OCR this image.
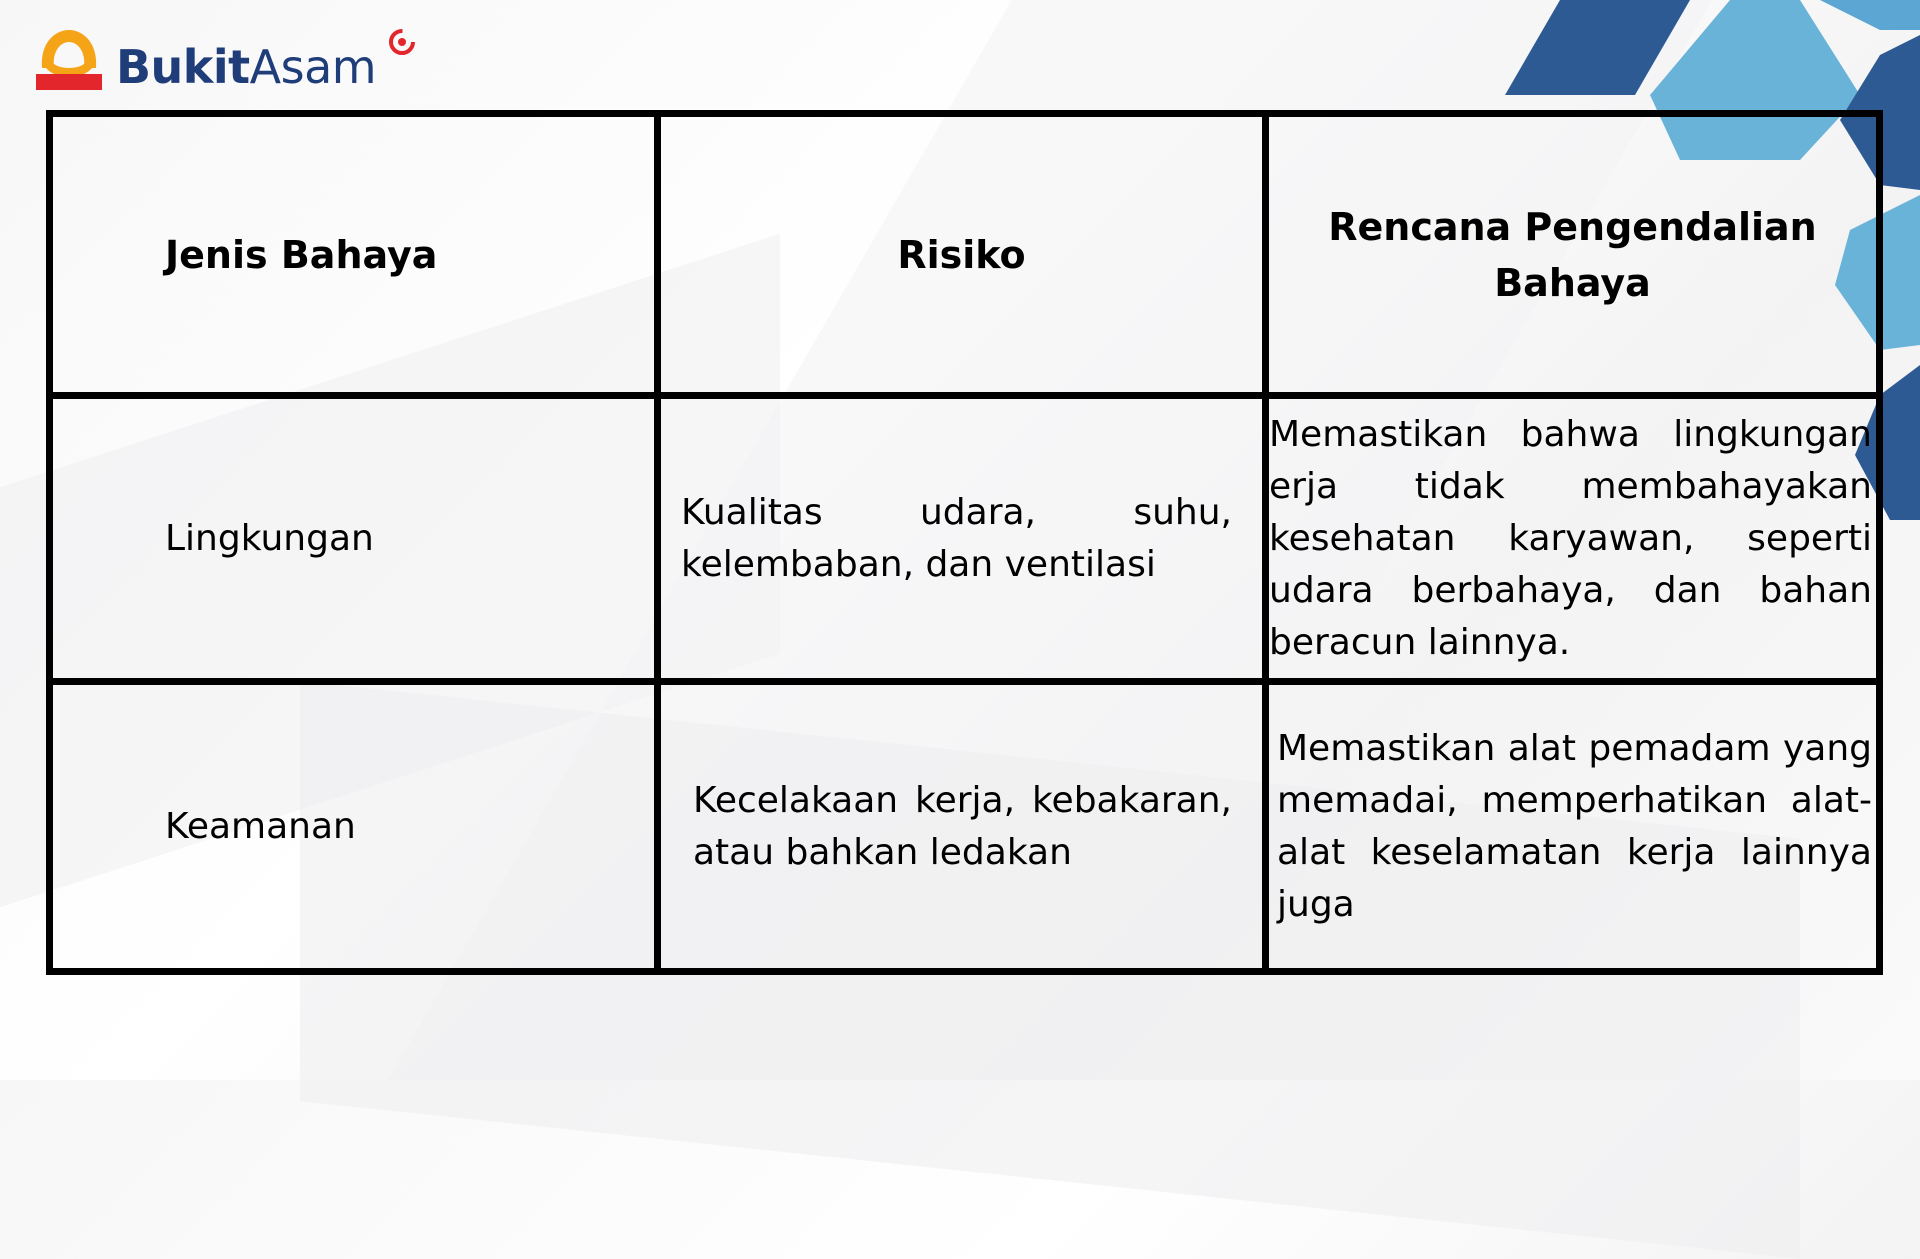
BukitAsam
Jenis Bahaya	Risiko	Rencana Pengendalian Bahaya

Lingkungan	Kualitas udara, suhu, kelembaban, dan ventilasi	Memastikan bahwa lingkungan erja tidak membahayakan kesehatan karyawan, seperti udara berbahaya, dan bahan beracun lainnya.

Keamanan	Kecelakaan kerja, kebakaran, atau bahkan ledakan	Memastikan alat pemadam yang memadai, memperhatikan alat-alat keselamatan kerja lainnya juga
